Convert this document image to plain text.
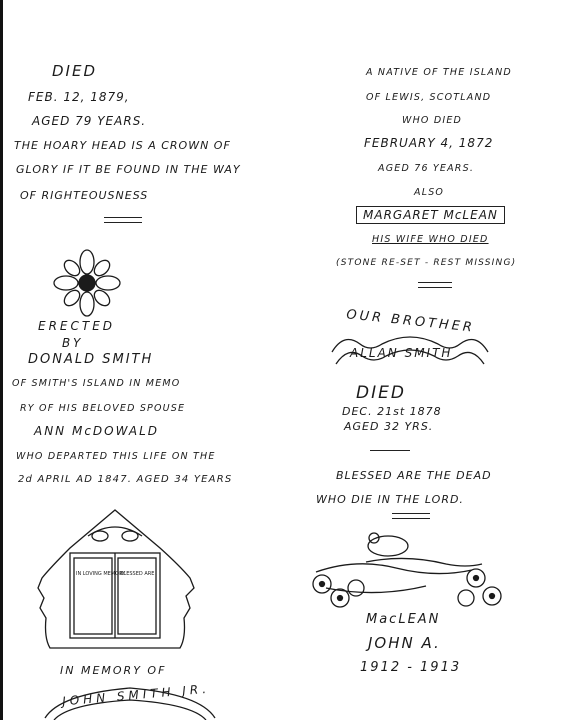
DIED
FEB. 12, 1879,
AGED 79 YEARS.
THE HOARY HEAD IS A CROWN OF
GLORY IF IT BE FOUND IN THE WAY
OF RIGHTEOUSNESS
ERECTED
BY
DONALD SMITH
OF SMITH'S ISLAND IN MEMO
RY OF HIS BELOVED SPOUSE
ANN McDOWALD
WHO DEPARTED THIS LIFE ON THE
2d APRIL AD 1847. AGED 34 YEARS
IN LOVING MEMORY
BLESSED ARE
IN MEMORY OF
JOHN SMITH JR.
A NATIVE OF THE ISLAND
OF LEWIS, SCOTLAND
WHO DIED
FEBRUARY 4, 1872
AGED 76 YEARS.
ALSO
MARGARET McLEAN
HIS WIFE WHO DIED
(STONE RE-SET - REST MISSING)
OUR BROTHER
ALLAN SMITH
DIED
DEC. 21st 1878
AGED 32 YRS.
BLESSED ARE THE DEAD
WHO DIE IN THE LORD.
MacLEAN
JOHN A.
1912 - 1913
